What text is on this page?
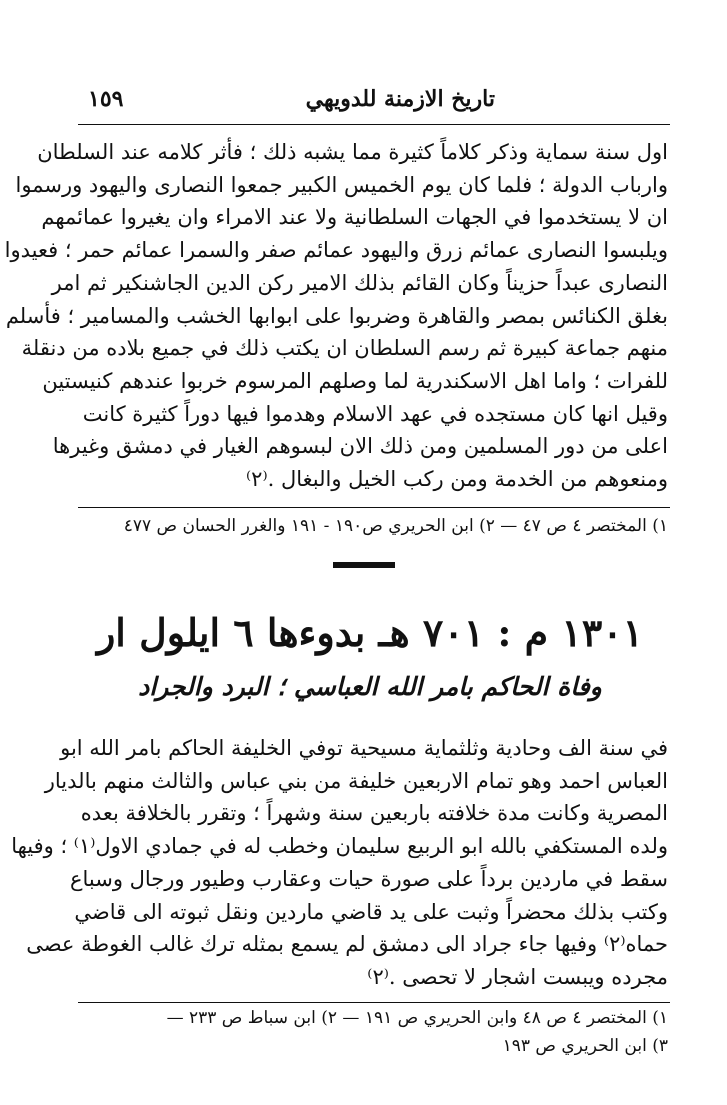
تاريخ الازمنة للدويهي
١٥٩
اول سنة سماية وذكر كلاماً كثيرة مما يشبه ذلك ؛ فأثر كلامه عند السلطان
وارباب الدولة ؛ فلما كان يوم الخميس الكبير جمعوا النصارى واليهود ورسموا
ان لا يستخدموا في الجهات السلطانية ولا عند الامراء وان يغيروا عمائمهم
ويلبسوا النصارى عمائم زرق واليهود عمائم صفر والسمرا عمائم حمر ؛ فعيدوا
النصارى عبداً حزيناً وكان القائم بذلك الامير ركن الدين الجاشنكير ثم امر
بغلق الكنائس بمصر والقاهرة وضربوا على ابوابها الخشب والمسامير ؛ فأسلم
منهم جماعة كبيرة ثم رسم السلطان ان يكتب ذلك في جميع بلاده من دنقلة
للفرات ؛ واما اهل الاسكندرية لما وصلهم المرسوم خربوا عندهم كنيستين
وقيل انها كان مستجده في عهد الاسلام وهدموا فيها دوراً كثيرة كانت
اعلى من دور المسلمين ومن ذلك الان لبسوهم الغيار في دمشق وغيرها
ومنعوهم من الخدمة ومن ركب الخيل والبغال .⁽٢⁾
١) المختصر ٤ ص ٤٧ — ٢) ابن الحريري ص١٩٠ - ١٩١ والغرر الحسان ص ٤٧٧
١٣٠١ م : ٧٠١ هـ بدوءها ٦ ايلول ار
وفاة الحاكم بامر الله العباسي ؛ البرد والجراد
في سنة الف وحادية وثلثماية مسيحية توفي الخليفة الحاكم بامر الله ابو
العباس احمد وهو تمام الاربعين خليفة من بني عباس والثالث منهم بالديار
المصرية وكانت مدة خلافته باربعين سنة وشهراً ؛ وتقرر بالخلافة بعده
ولده المستكفي بالله ابو الربيع سليمان وخطب له في جمادي الاول⁽١⁾ ؛ وفيها
سقط في ماردين برداً على صورة حيات وعقارب وطيور ورجال وسباع
وكتب بذلك محضراً وثبت على يد قاضي ماردين ونقل ثبوته الى قاضي
حماه⁽٢⁾ وفيها جاء جراد الى دمشق لم يسمع بمثله ترك غالب الغوطة عصى
مجرده ويبست اشجار لا تحصى .⁽٢⁾
١) المختصر ٤ ص ٤٨ وابن الحريري ص ١٩١ — ٢) ابن سباط ص ٢٣٣ —
٣) ابن الحريري ص ١٩٣
